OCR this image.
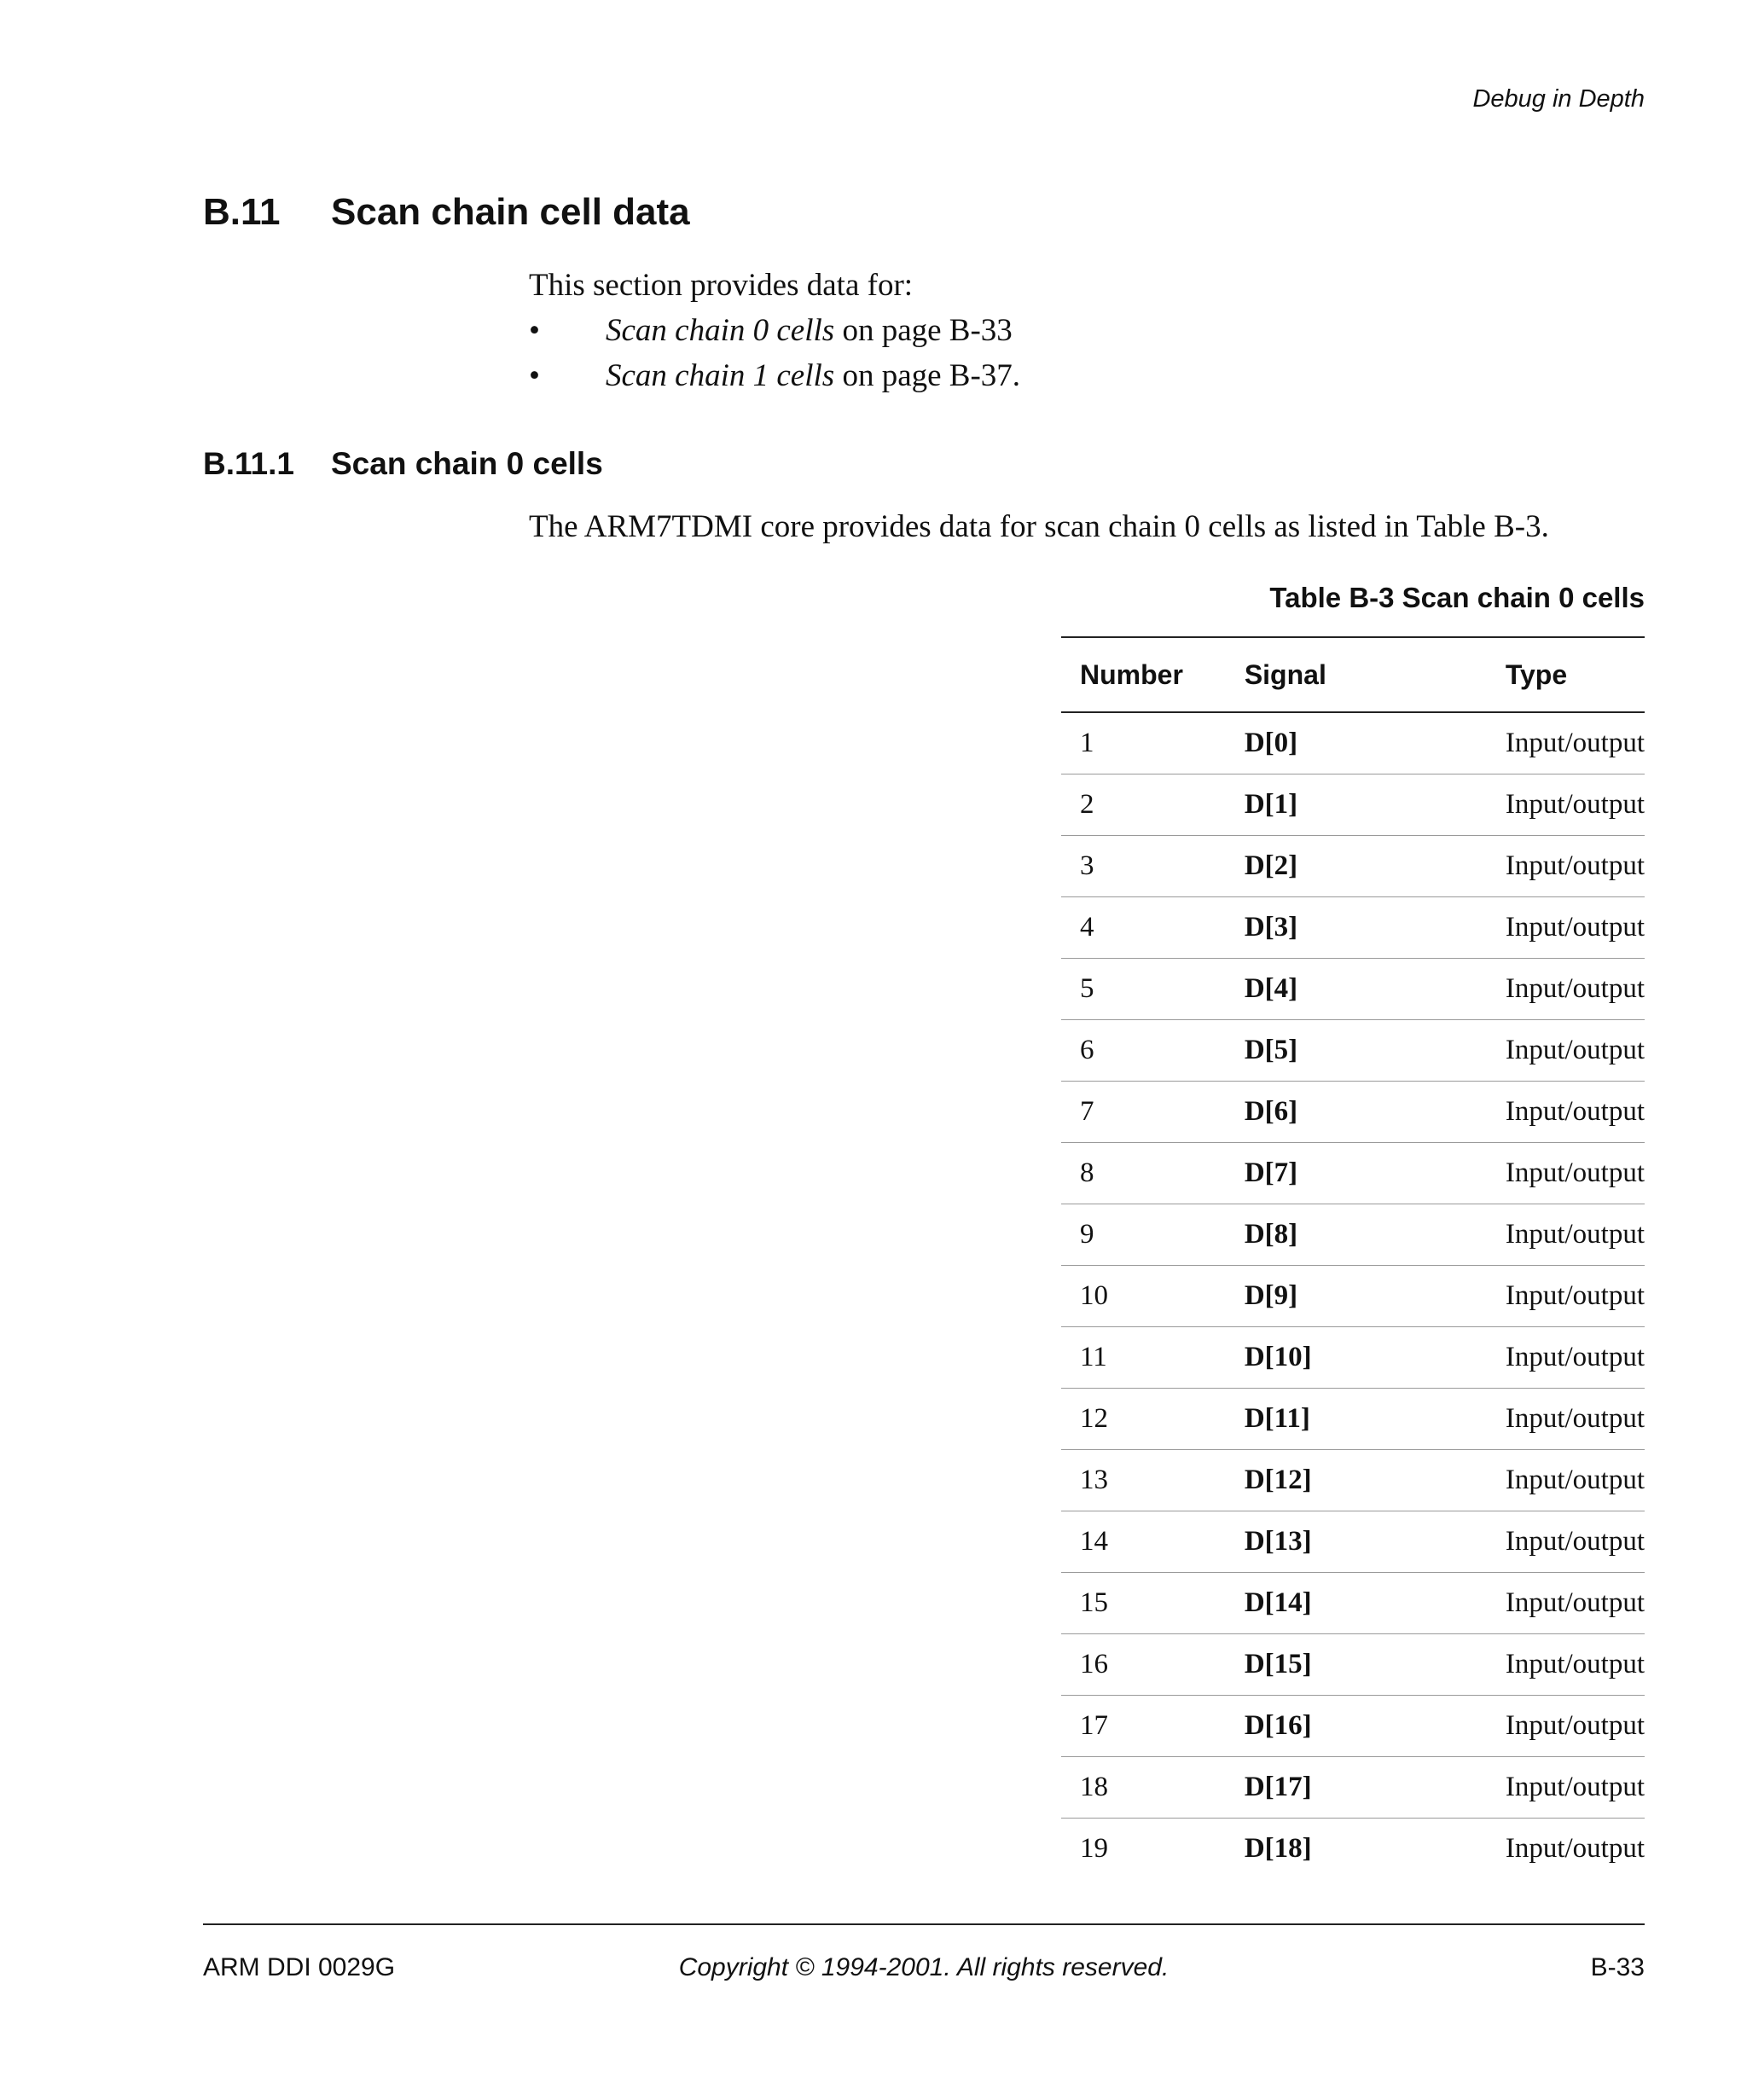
Debug in Depth
B.11 Scan chain cell data
This section provides data for:
• Scan chain 0 cells on page B-33
• Scan chain 1 cells on page B-37.
B.11.1 Scan chain 0 cells
The ARM7TDMI core provides data for scan chain 0 cells as listed in Table B-3.
Table B-3 Scan chain 0 cells
Number	Signal	Type
1	D[0]	Input/output
2	D[1]	Input/output
3	D[2]	Input/output
4	D[3]	Input/output
5	D[4]	Input/output
6	D[5]	Input/output
7	D[6]	Input/output
8	D[7]	Input/output
9	D[8]	Input/output
10	D[9]	Input/output
11	D[10]	Input/output
12	D[11]	Input/output
13	D[12]	Input/output
14	D[13]	Input/output
15	D[14]	Input/output
16	D[15]	Input/output
17	D[16]	Input/output
18	D[17]	Input/output
19	D[18]	Input/output
ARM DDI 0029G	Copyright © 1994-2001. All rights reserved.	B-33
